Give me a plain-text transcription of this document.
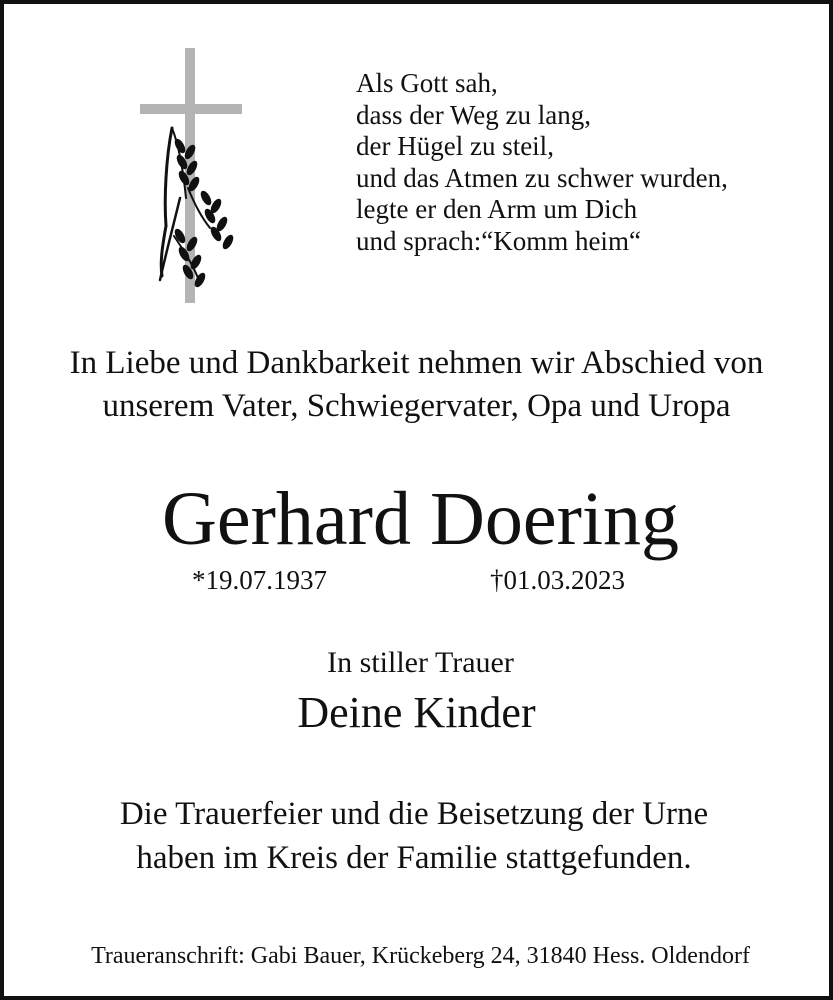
Als Gott sah,
dass der Weg zu lang,
der Hügel zu steil,
und das Atmen zu schwer wurden,
legte er den Arm um Dich
und sprach:“Komm heim“
In Liebe und Dankbarkeit nehmen wir Abschied von
unserem Vater, Schwiegervater, Opa und Uropa
Gerhard Doering
*19.07.1937	†01.03.2023
In stiller Trauer
Deine Kinder
Die Trauerfeier und die Beisetzung der Urne
haben im Kreis der Familie stattgefunden.
Traueranschrift: Gabi Bauer, Krückeberg 24, 31840 Hess. Oldendorf
